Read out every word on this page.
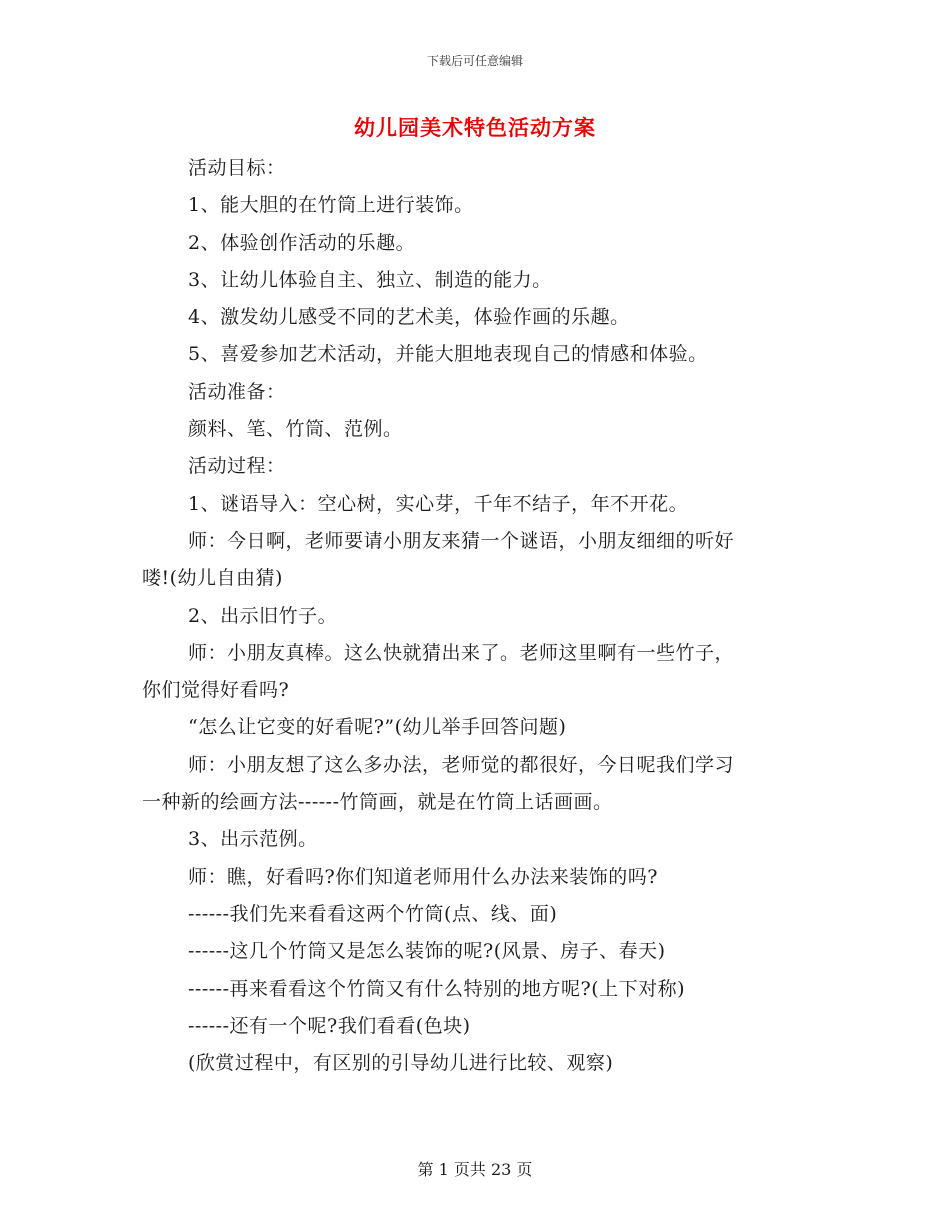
下载后可任意编辑
幼儿园美术特色活动方案

活动目标：

1、能大胆的在竹筒上进行装饰。

2、体验创作活动的乐趣。

3、让幼儿体验自主、独立、制造的能力。

4、激发幼儿感受不同的艺术美，体验作画的乐趣。

5、喜爱参加艺术活动，并能大胆地表现自己的情感和体验。

活动准备：

颜料、笔、竹筒、范例。

活动过程：

1、谜语导入：空心树，实心芽，千年不结子，年不开花。

师：今日啊，老师要请小朋友来猜一个谜语，小朋友细细的听好

喽!(幼儿自由猜)

2、出示旧竹子。

师：小朋友真棒。这么快就猜出来了。老师这里啊有一些竹子，

你们觉得好看吗?

“怎么让它变的好看呢?”(幼儿举手回答问题)

师：小朋友想了这么多办法，老师觉的都很好，今日呢我们学习

一种新的绘画方法------竹筒画，就是在竹筒上话画画。

3、出示范例。

师：瞧，好看吗?你们知道老师用什么办法来装饰的吗?

------我们先来看看这两个竹筒(点、线、面)

------这几个竹筒又是怎么装饰的呢?(风景、房子、春天)

------再来看看这个竹筒又有什么特别的地方呢?(上下对称)

------还有一个呢?我们看看(色块)

(欣赏过程中，有区别的引导幼儿进行比较、观察)

第 1 页共 23 页
